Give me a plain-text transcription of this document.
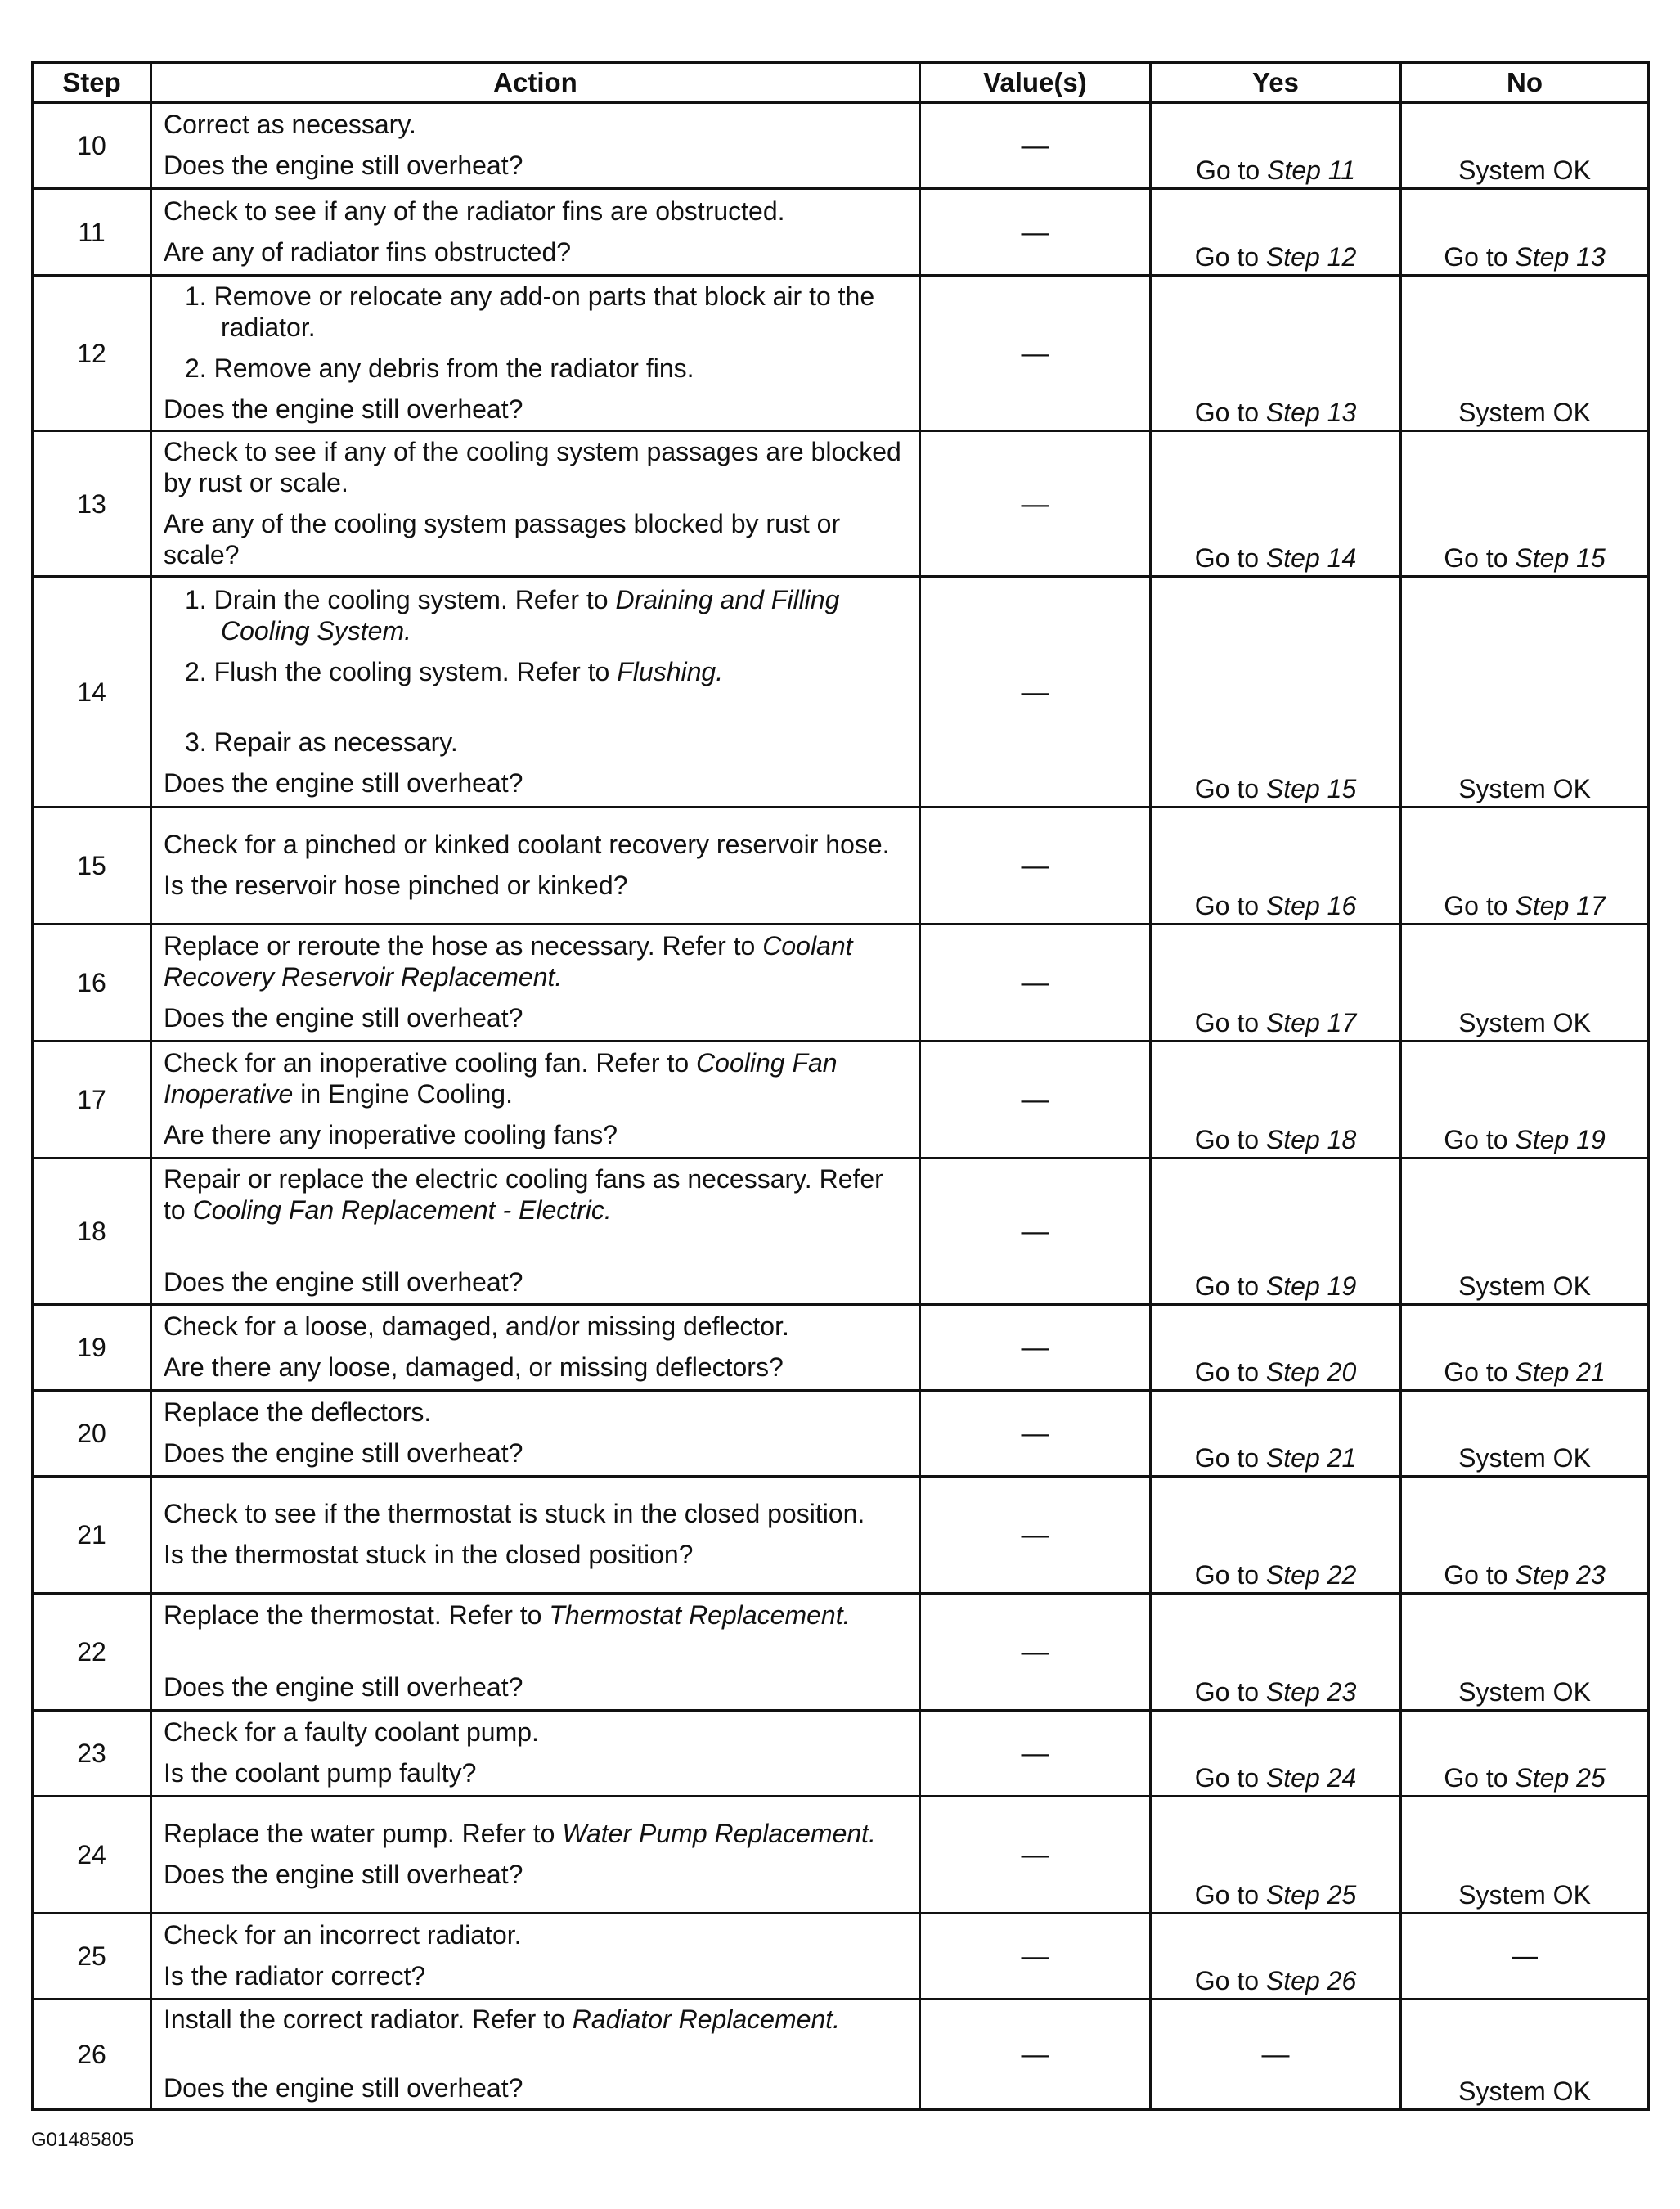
Step	Action	Value(s)	Yes	No
10	Correct as necessary.
Does the engine still overheat?	—	Go to Step 11	System OK
11	Check to see if any of the radiator fins are obstructed.
Are any of radiator fins obstructed?	—	Go to Step 12	Go to Step 13
12	1. Remove or relocate any add-on parts that block air to the radiator.
2. Remove any debris from the radiator fins.
Does the engine still overheat?	—	Go to Step 13	System OK
13	Check to see if any of the cooling system passages are blocked by rust or scale.
Are any of the cooling system passages blocked by rust or scale?	—	Go to Step 14	Go to Step 15
14	1. Drain the cooling system. Refer to Draining and Filling Cooling System.
2. Flush the cooling system. Refer to Flushing.
3. Repair as necessary.
Does the engine still overheat?	—	Go to Step 15	System OK
15	Check for a pinched or kinked coolant recovery reservoir hose.
Is the reservoir hose pinched or kinked?	—	Go to Step 16	Go to Step 17
16	Replace or reroute the hose as necessary. Refer to Coolant Recovery Reservoir Replacement.
Does the engine still overheat?	—	Go to Step 17	System OK
17	Check for an inoperative cooling fan. Refer to Cooling Fan Inoperative in Engine Cooling.
Are there any inoperative cooling fans?	—	Go to Step 18	Go to Step 19
18	Repair or replace the electric cooling fans as necessary. Refer to Cooling Fan Replacement - Electric.
Does the engine still overheat?	—	Go to Step 19	System OK
19	Check for a loose, damaged, and/or missing deflector.
Are there any loose, damaged, or missing deflectors?	—	Go to Step 20	Go to Step 21
20	Replace the deflectors.
Does the engine still overheat?	—	Go to Step 21	System OK
21	Check to see if the thermostat is stuck in the closed position.
Is the thermostat stuck in the closed position?	—	Go to Step 22	Go to Step 23
22	Replace the thermostat. Refer to Thermostat Replacement.
Does the engine still overheat?	—	Go to Step 23	System OK
23	Check for a faulty coolant pump.
Is the coolant pump faulty?	—	Go to Step 24	Go to Step 25
24	Replace the water pump. Refer to Water Pump Replacement.
Does the engine still overheat?	—	Go to Step 25	System OK
25	Check for an incorrect radiator.
Is the radiator correct?	—	Go to Step 26	—
26	Install the correct radiator. Refer to Radiator Replacement.
Does the engine still overheat?	—	—	System OK
G01485805
